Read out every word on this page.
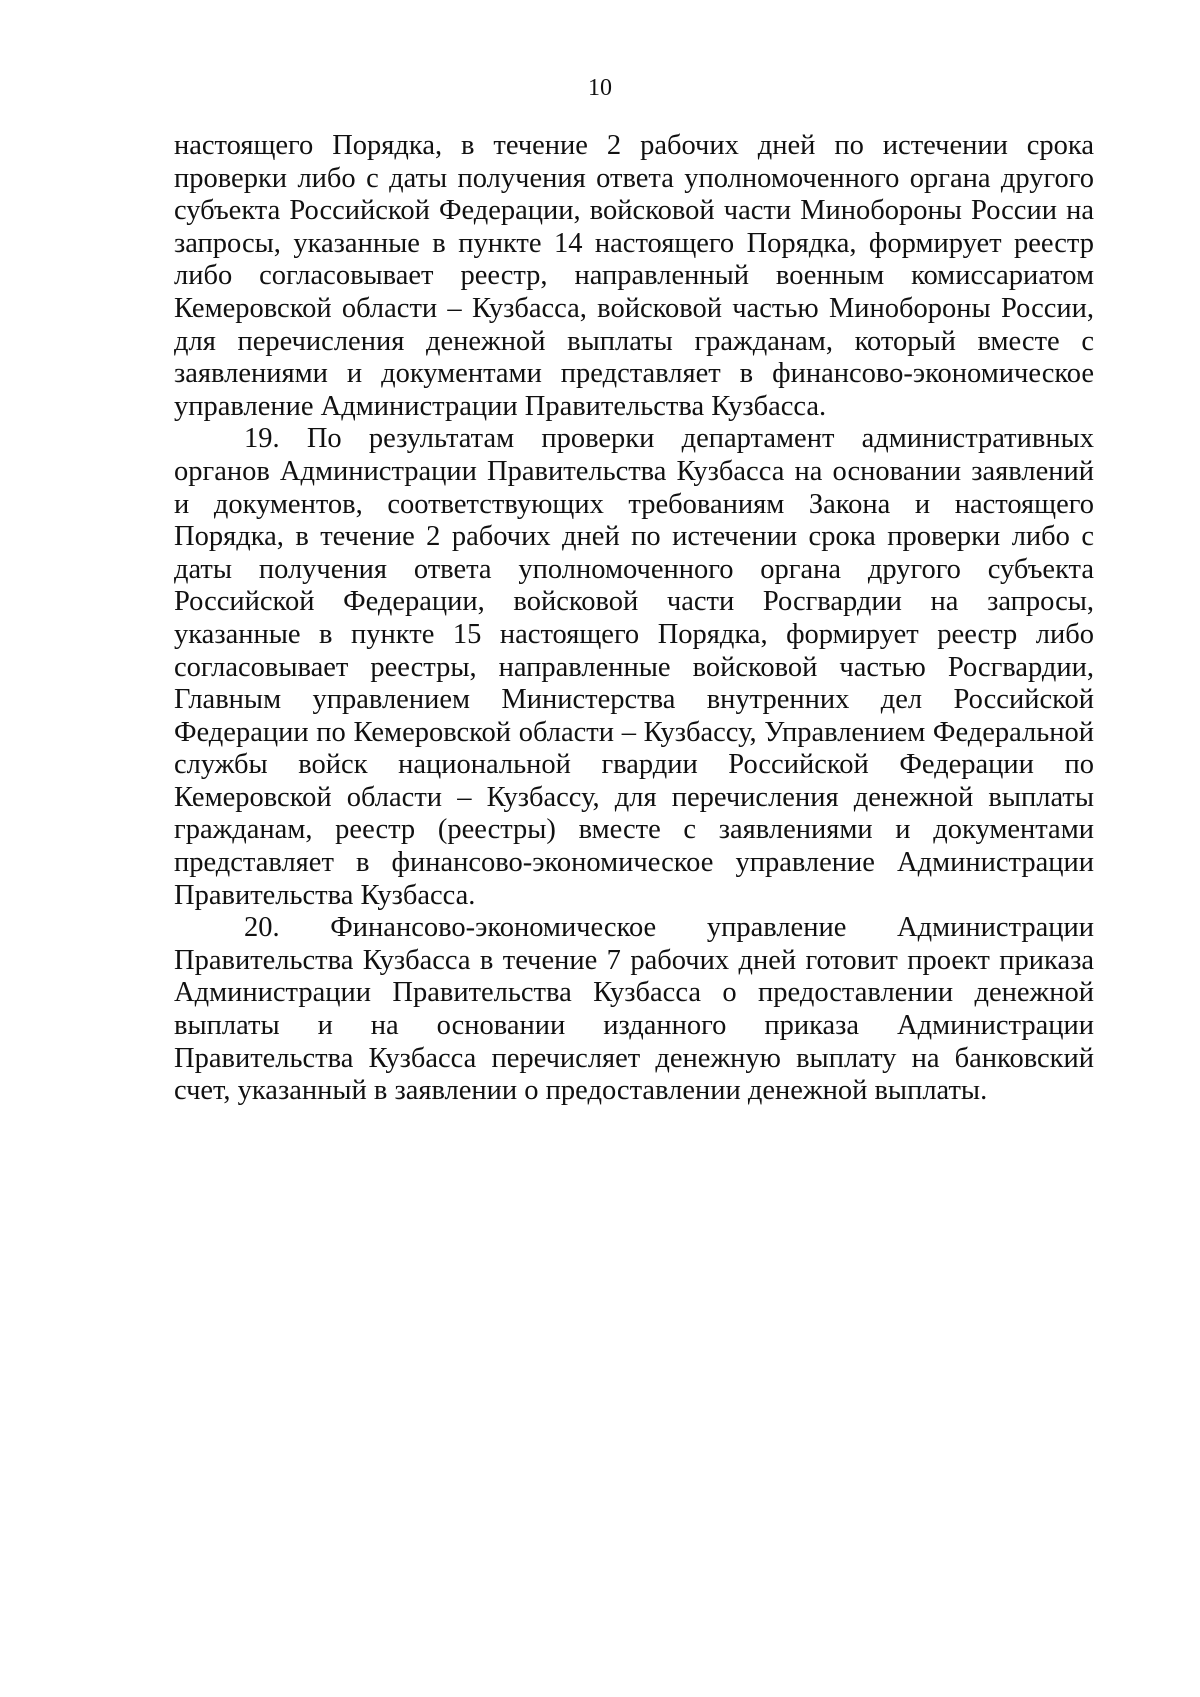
10

настоящего Порядка, в течение 2 рабочих дней по истечении срока проверки либо с даты получения ответа уполномоченного органа другого субъекта Российской Федерации, войсковой части Минобороны России на запросы, указанные в пункте 14 настоящего Порядка, формирует реестр либо согласовывает реестр, направленный военным комиссариатом Кемеровской области – Кузбасса, войсковой частью Минобороны России, для перечисления денежной выплаты гражданам, который вместе с заявлениями и документами представляет в финансово-экономическое управление Администрации Правительства Кузбасса.

19. По результатам проверки департамент административных органов Администрации Правительства Кузбасса на основании заявлений и документов, соответствующих требованиям Закона и настоящего Порядка, в течение 2 рабочих дней по истечении срока проверки либо с даты получения ответа уполномоченного органа другого субъекта Российской Федерации, войсковой части Росгвардии на запросы, указанные в пункте 15 настоящего Порядка, формирует реестр либо согласовывает реестры, направленные войсковой частью Росгвардии, Главным управлением Министерства внутренних дел Российской Федерации по Кемеровской области – Кузбассу, Управлением Федеральной службы войск национальной гвардии Российской Федерации по Кемеровской области – Кузбассу, для перечисления денежной выплаты гражданам, реестр (реестры) вместе с заявлениями и документами представляет в финансово-экономическое управление Администрации Правительства Кузбасса.

20. Финансово-экономическое управление Администрации Правительства Кузбасса в течение 7 рабочих дней готовит проект приказа Администрации Правительства Кузбасса о предоставлении денежной выплаты и на основании изданного приказа Администрации Правительства Кузбасса перечисляет денежную выплату на банковский счет, указанный в заявлении о предоставлении денежной выплаты.
